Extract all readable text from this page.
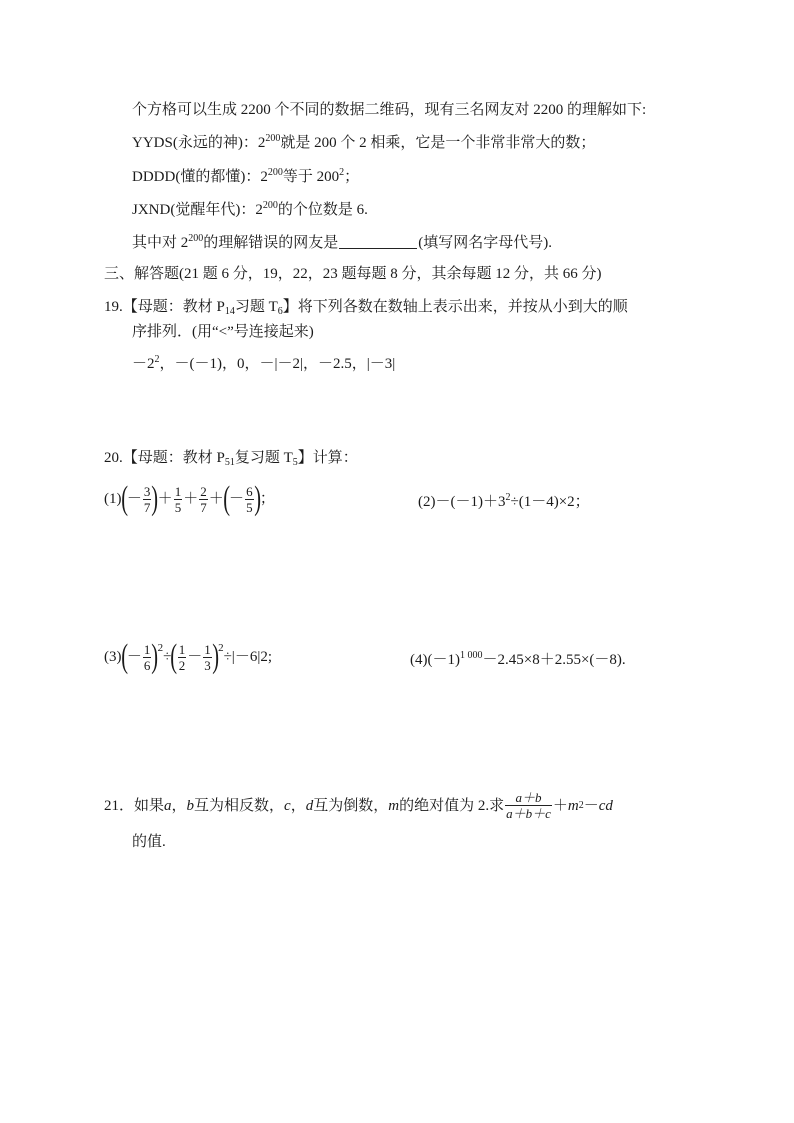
个方格可以生成 2200 个不同的数据二维码，现有三名网友对 2200 的理解如下:
YYDS(永远的神)：$2^{200}$就是 200 个 2 相乘，它是一个非常非常大的数；
DDDD(懂的都懂)：$2^{200}$等于 $200^2$；
JXND(觉醒年代)：$2^{200}$的个位数是 6.
其中对 $2^{200}$的理解错误的网友是	(填写网名字母代号).
三、解答题(21 题 6 分，19，22，23 题每题 8 分，其余每题 12 分，共 66 分)
19.【母题：教材 $P_{14}$习题 $T_6$】将下列各数在数轴上表示出来，并按从小到大的顺
序排列．(用“<”号连接起来)
$-2^2$，－(－1)，0，－|－2|，－2.5，|－3|
20.【母题：教材 $P_{51}$复习题 $T_5$】计算：
(1) ( － $\frac{3}{7}$ ) ＋ $\frac{1}{5} + \frac{2}{7}$ ＋ ( － $\frac{6}{5}$ ) ；	$(2)-(-1)+3^2\div(1-4)\times 2$；
(3) ( － $\frac{1}{6}$ ) 2
÷ ( $\frac{1}{2} - \frac{1}{3}$ ) 2
÷|－6|2;	$(4)(-1)^{1 000}-2.45\times 8+2.55\times(-8)$.
21．如果 a ， b 互为相反数， c ， d 互为倒数， m 的绝对值为 2.求 $\frac{a+b}{a+b+c} + m$ 2 － cd
的值.
